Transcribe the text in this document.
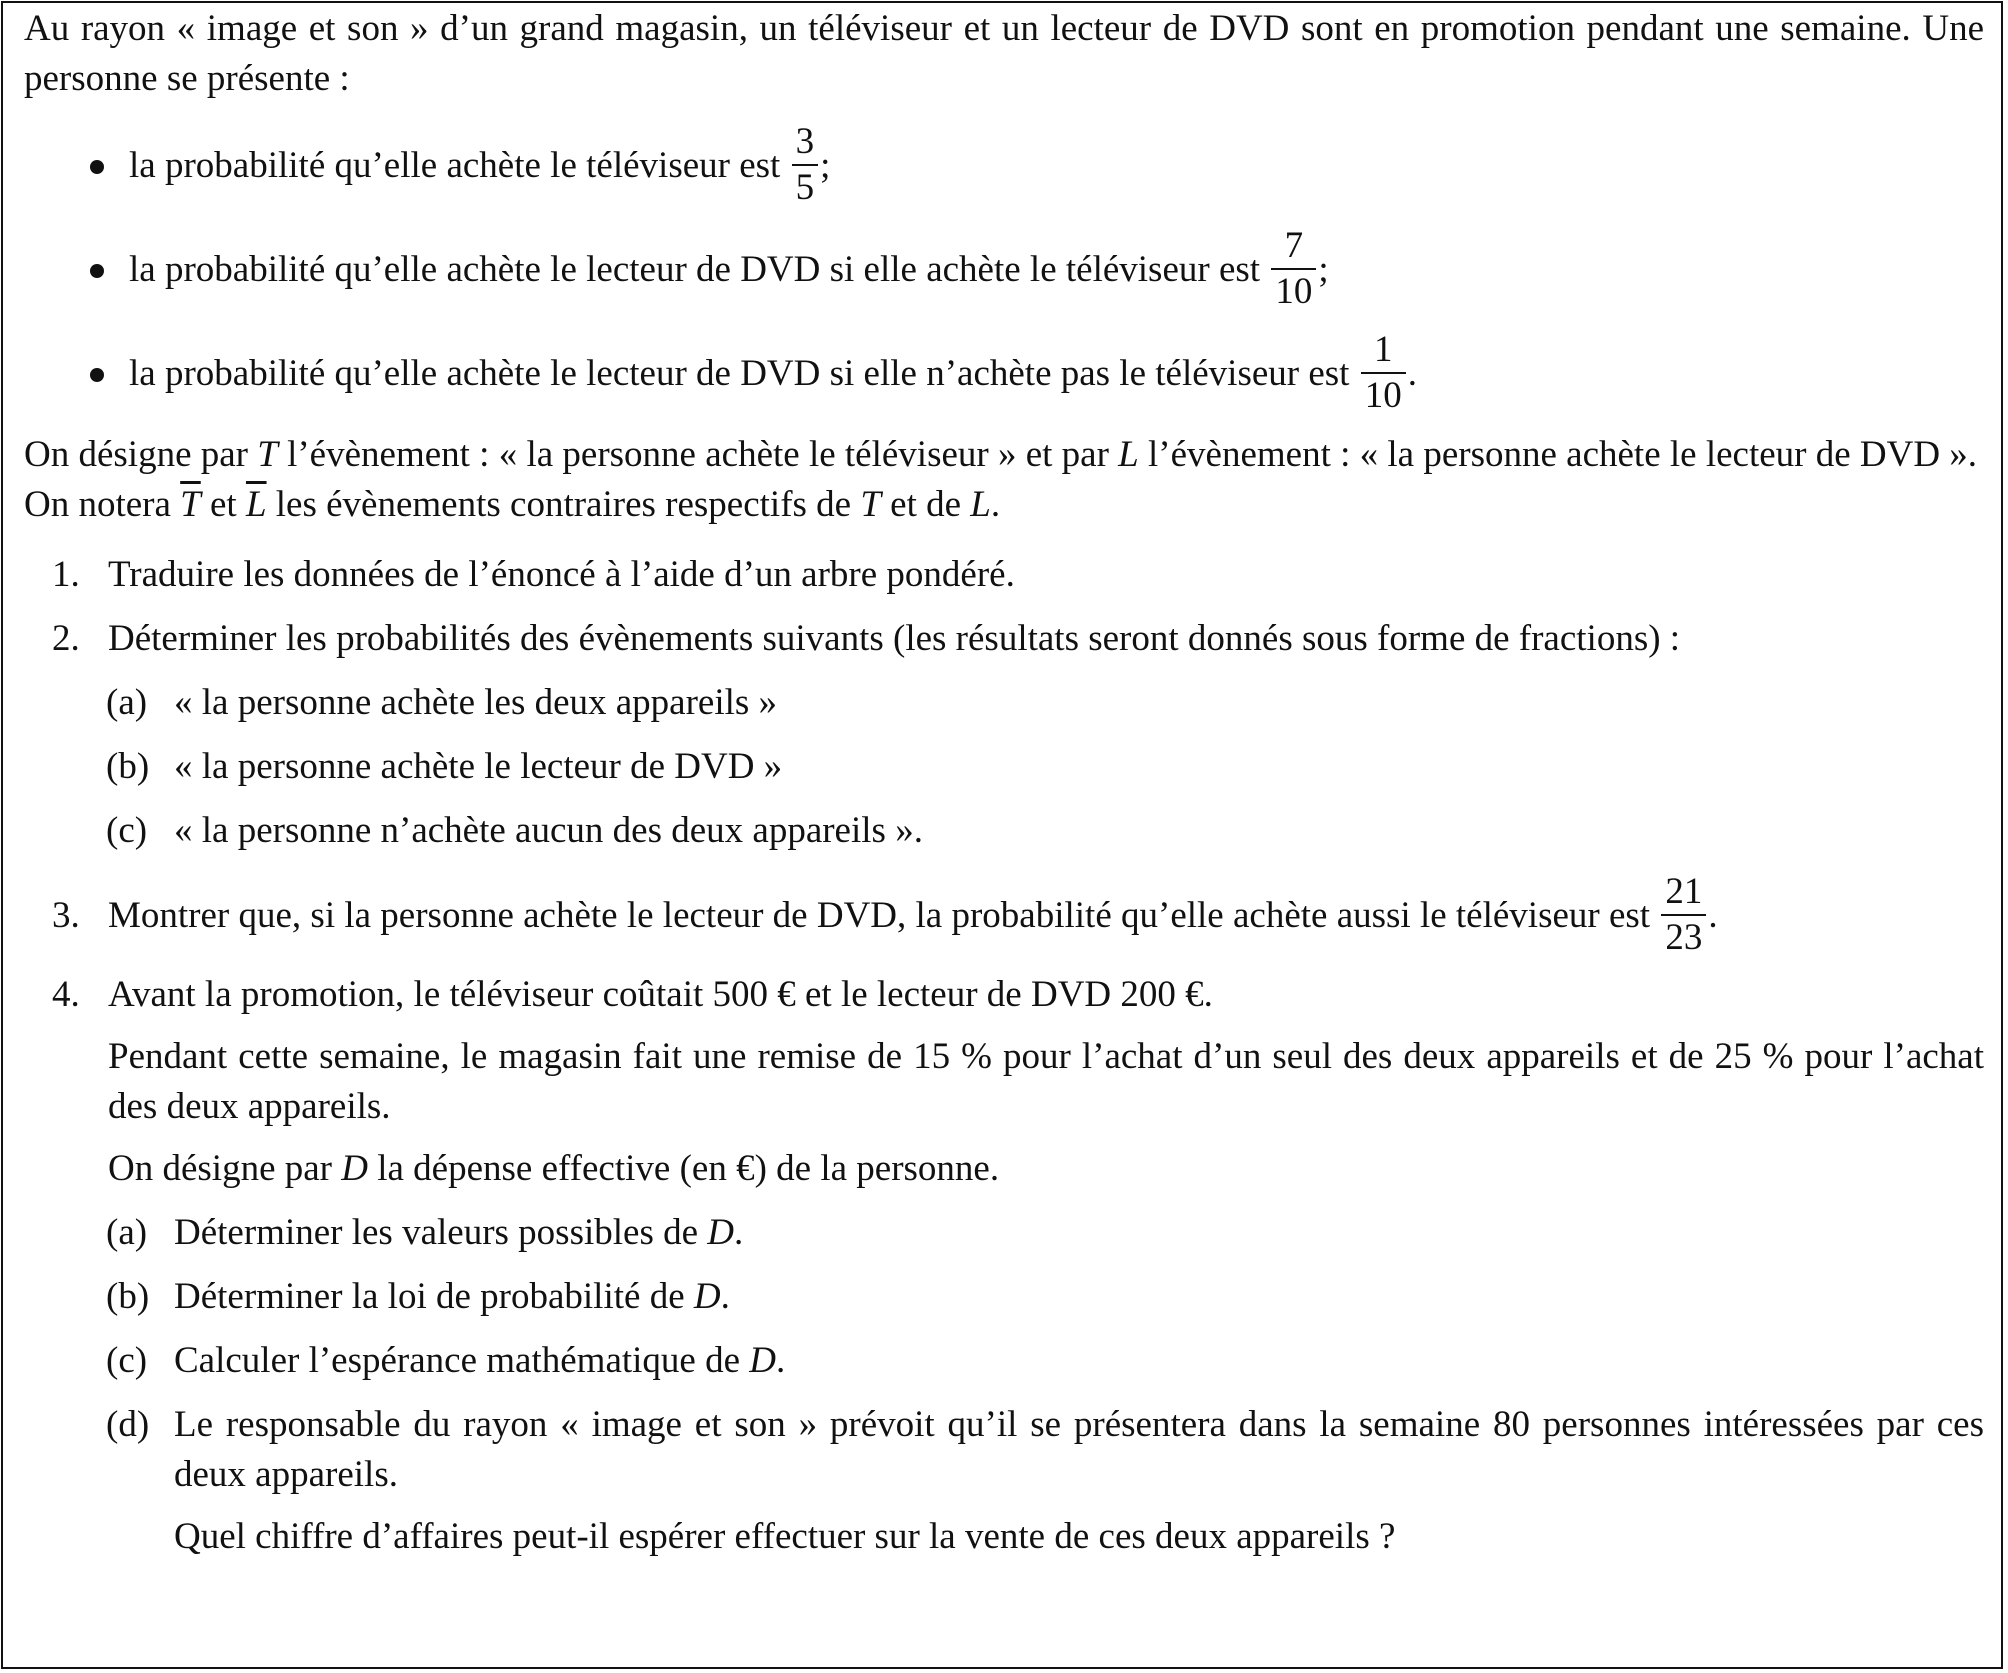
Au rayon « image et son » d’un grand magasin, un téléviseur et un lecteur de DVD sont en promotion pendant une semaine. Une personne se présente :

la probabilité qu’elle achète le téléviseur est $\frac{3}{5}$ ;
la probabilité qu’elle achète le lecteur de DVD si elle achète le téléviseur est $\frac{7}{10}$ ;
la probabilité qu’elle achète le lecteur de DVD si elle n’achète pas le téléviseur est $\frac{1}{10}$ .

On désigne par T l’évènement : « la personne achète le téléviseur » et par L l’évènement : « la personne achète le lecteur de DVD ».

On notera $\overline{T}$ et $\overline{L}$ les évènements contraires respectifs de T et de L.

1. Traduire les données de l’énoncé à l’aide d’un arbre pondéré.
2. Déterminer les probabilités des évènements suivants (les résultats seront donnés sous forme de fractions) :
(a) « la personne achète les deux appareils »
(b) « la personne achète le lecteur de DVD »
(c) « la personne n’achète aucun des deux appareils ».
3. Montrer que, si la personne achète le lecteur de DVD, la probabilité qu’elle achète aussi le téléviseur est $\frac{21}{23}$ .
4. Avant la promotion, le téléviseur coûtait 500 € et le lecteur de DVD 200 €.

Pendant cette semaine, le magasin fait une remise de 15 % pour l’achat d’un seul des deux appareils et de 25 % pour l’achat des deux appareils.

On désigne par D la dépense effective (en €) de la personne.

(a) Déterminer les valeurs possibles de D.
(b) Déterminer la loi de probabilité de D.
(c) Calculer l’espérance mathématique de D.
(d) Le responsable du rayon « image et son » prévoit qu’il se présentera dans la semaine 80 personnes intéressées par ces deux appareils.

Quel chiffre d’affaires peut-il espérer effectuer sur la vente de ces deux appareils ?
